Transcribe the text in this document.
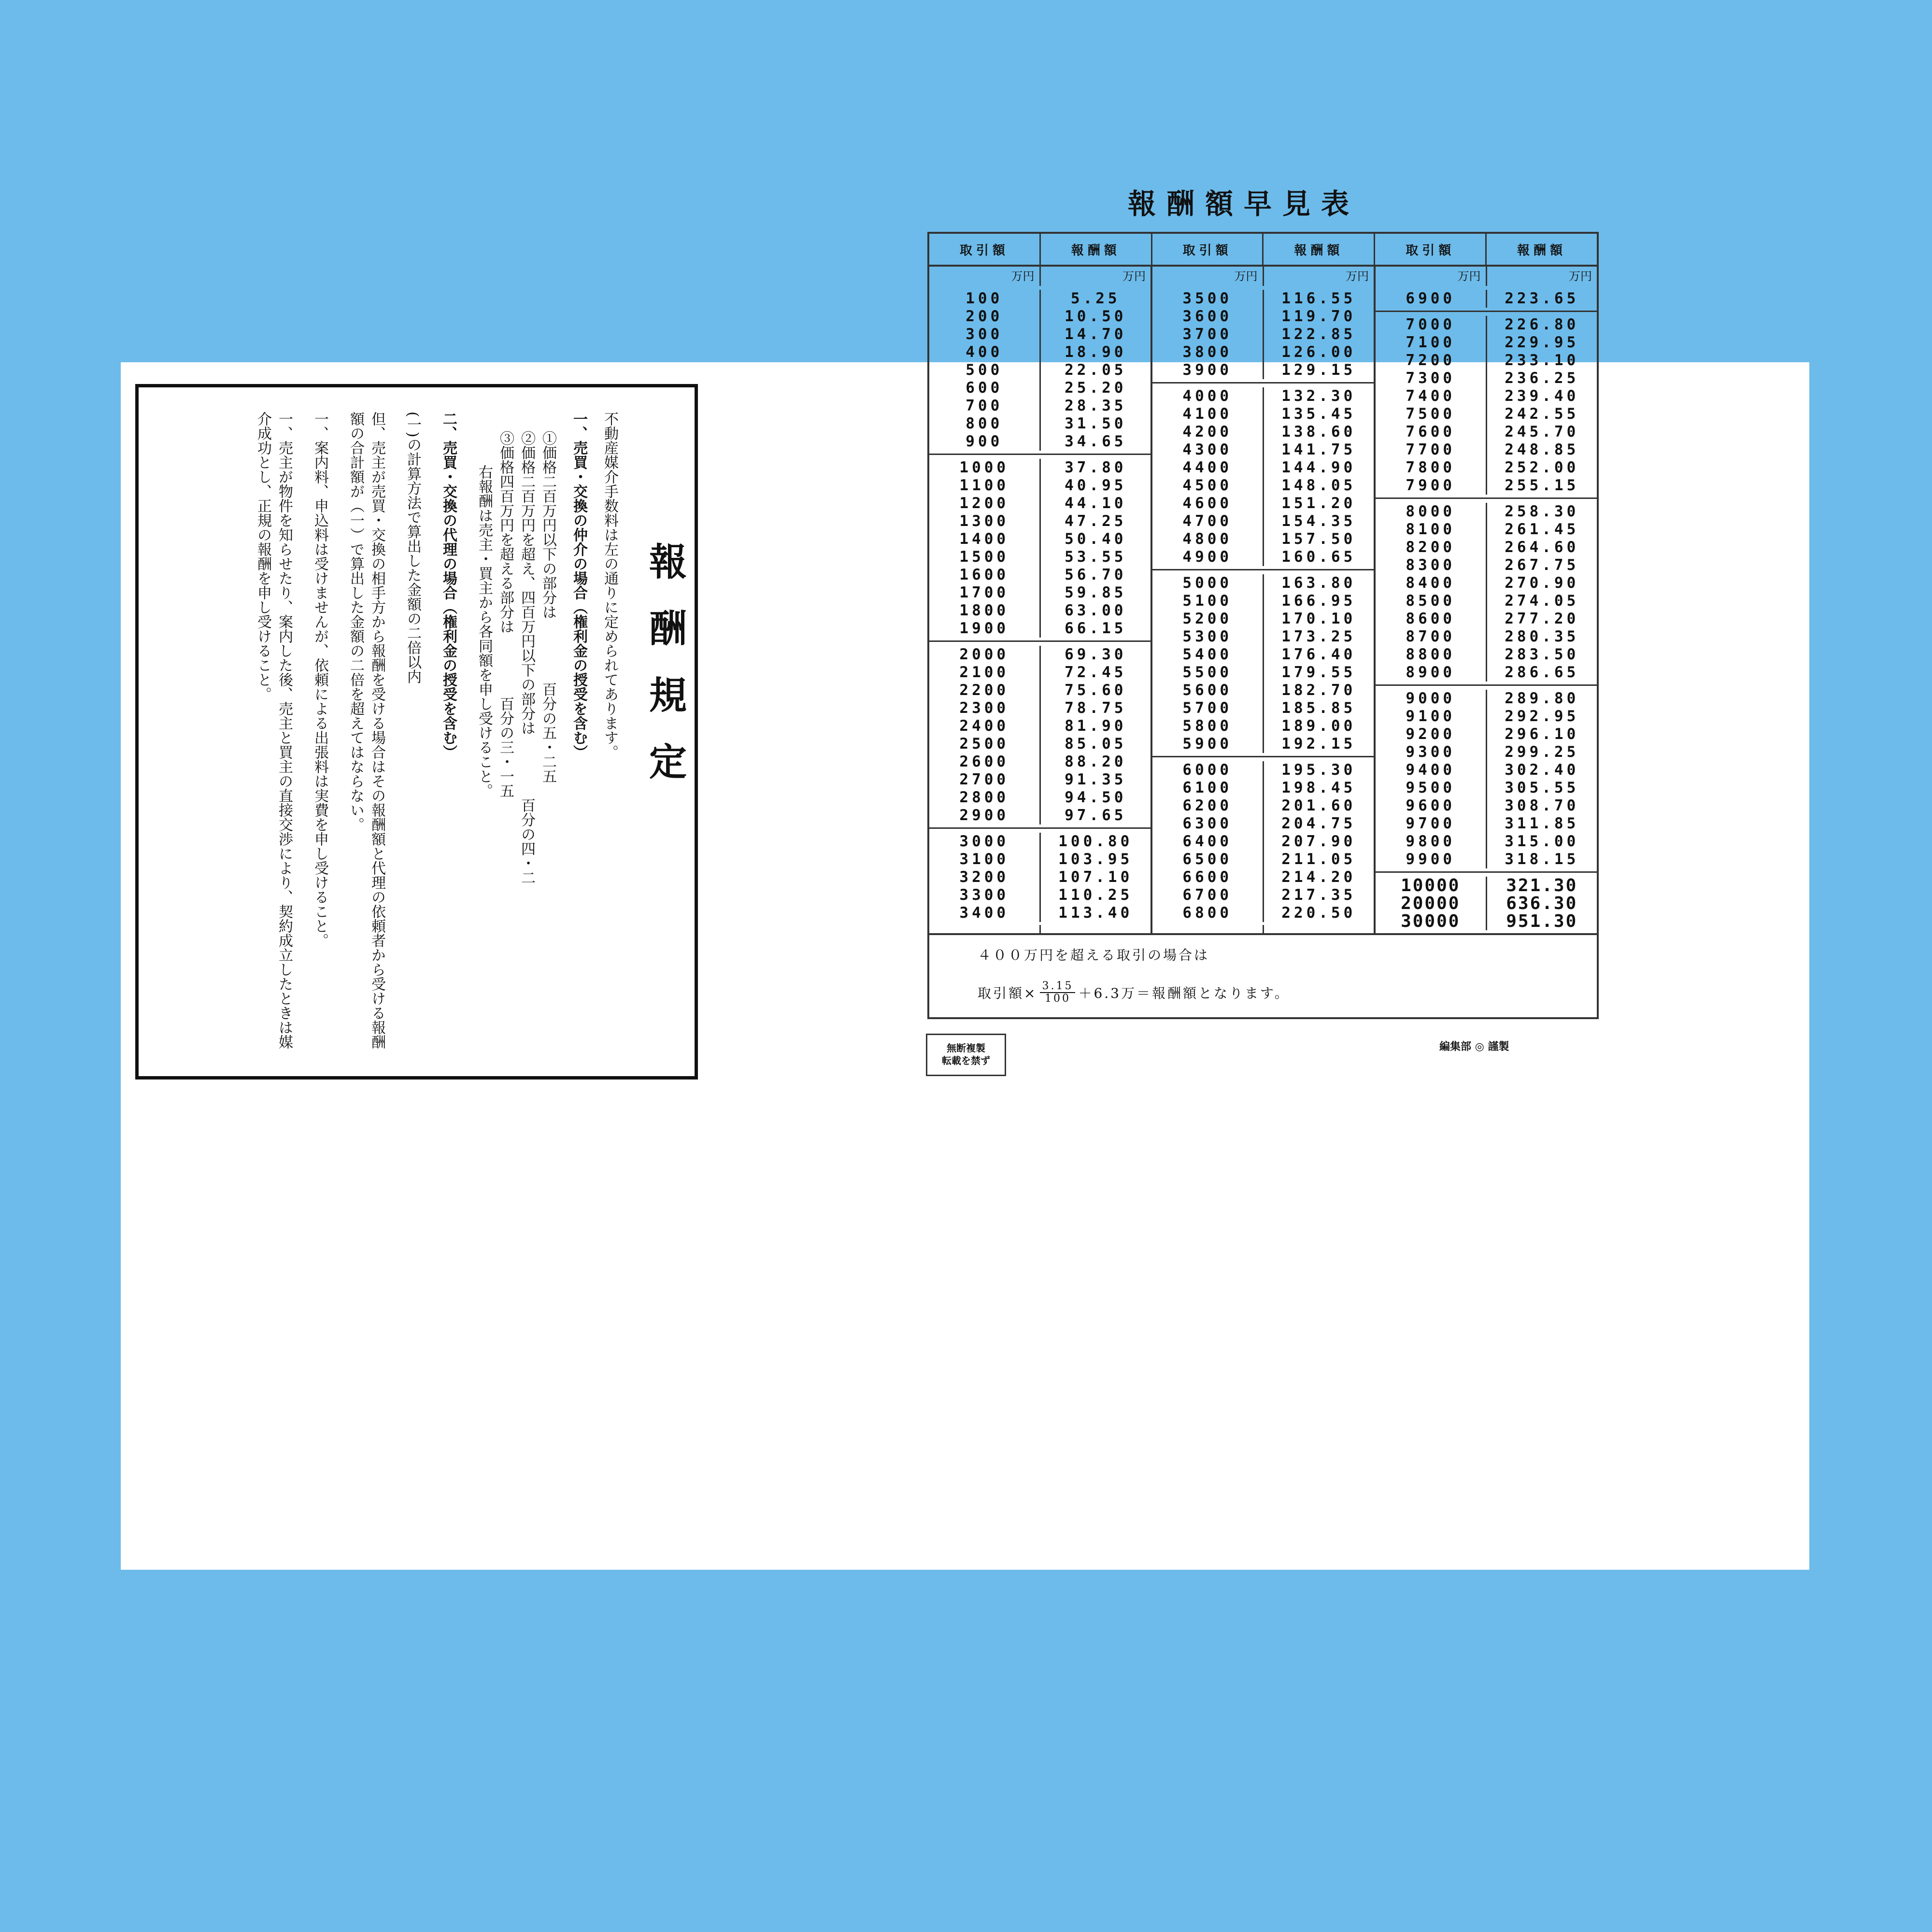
報酬規定
不動産媒介手数料は左の通りに定められてあります。
一、売買・交換の仲介の場合（権利金の授受を含む）
①価格二百万円以下の部分は 百分の五・二五
②価格二百万円を超え、四百万円以下の部分は 百分の四・二
③価格四百万円を超える部分は 百分の三・一五
右報酬は売主・買主から各同額を申し受けること。
二、売買・交換の代理の場合（権利金の授受を含む）
(一)の計算方法で算出した金額の二倍以内
但、売主が売買・交換の相手方から報酬を受ける場合はその報酬額と代理の依頼者から受ける報酬額の合計額が（一）で算出した金額の二倍を超えてはならない。
一、案内料、申込料は受けませんが、依頼による出張料は実費を申し受けること。
一、売主が物件を知らせたり、案内した後、売主と買主の直接交渉により、契約成立したときは媒介成功とし、正規の報酬を申し受けること。
報酬額早見表
取引額	報酬額	取引額	報酬額	取引額	報酬額
万円	万円
100	5.25
200	10.50
300	14.70
400	18.90
500	22.05
600	25.20
700	28.35
800	31.50
900	34.65
1000	37.80
1100	40.95
1200	44.10
1300	47.25
1400	50.40
1500	53.55
1600	56.70
1700	59.85
1800	63.00
1900	66.15
2000	69.30
2100	72.45
2200	75.60
2300	78.75
2400	81.90
2500	85.05
2600	88.20
2700	91.35
2800	94.50
2900	97.65
3000	100.80
3100	103.95
3200	107.10
3300	110.25
3400	113.40
万円	万円
3500	116.55
3600	119.70
3700	122.85
3800	126.00
3900	129.15
4000	132.30
4100	135.45
4200	138.60
4300	141.75
4400	144.90
4500	148.05
4600	151.20
4700	154.35
4800	157.50
4900	160.65
5000	163.80
5100	166.95
5200	170.10
5300	173.25
5400	176.40
5500	179.55
5600	182.70
5700	185.85
5800	189.00
5900	192.15
6000	195.30
6100	198.45
6200	201.60
6300	204.75
6400	207.90
6500	211.05
6600	214.20
6700	217.35
6800	220.50
万円	万円
6900	223.65
7000	226.80
7100	229.95
7200	233.10
7300	236.25
7400	239.40
7500	242.55
7600	245.70
7700	248.85
7800	252.00
7900	255.15
8000	258.30
8100	261.45
8200	264.60
8300	267.75
8400	270.90
8500	274.05
8600	277.20
8700	280.35
8800	283.50
8900	286.65
9000	289.80
9100	292.95
9200	296.10
9300	299.25
9400	302.40
9500	305.55
9600	308.70
9700	311.85
9800	315.00
9900	318.15
10000	321.30
20000	636.30
30000	951.30
４００万円を超える取引の場合は
取引額× $\frac{3.15}{100} +6.3$万＝報酬額となります。
無断複製
転載を禁ず
編集部 ◎ 謹製
